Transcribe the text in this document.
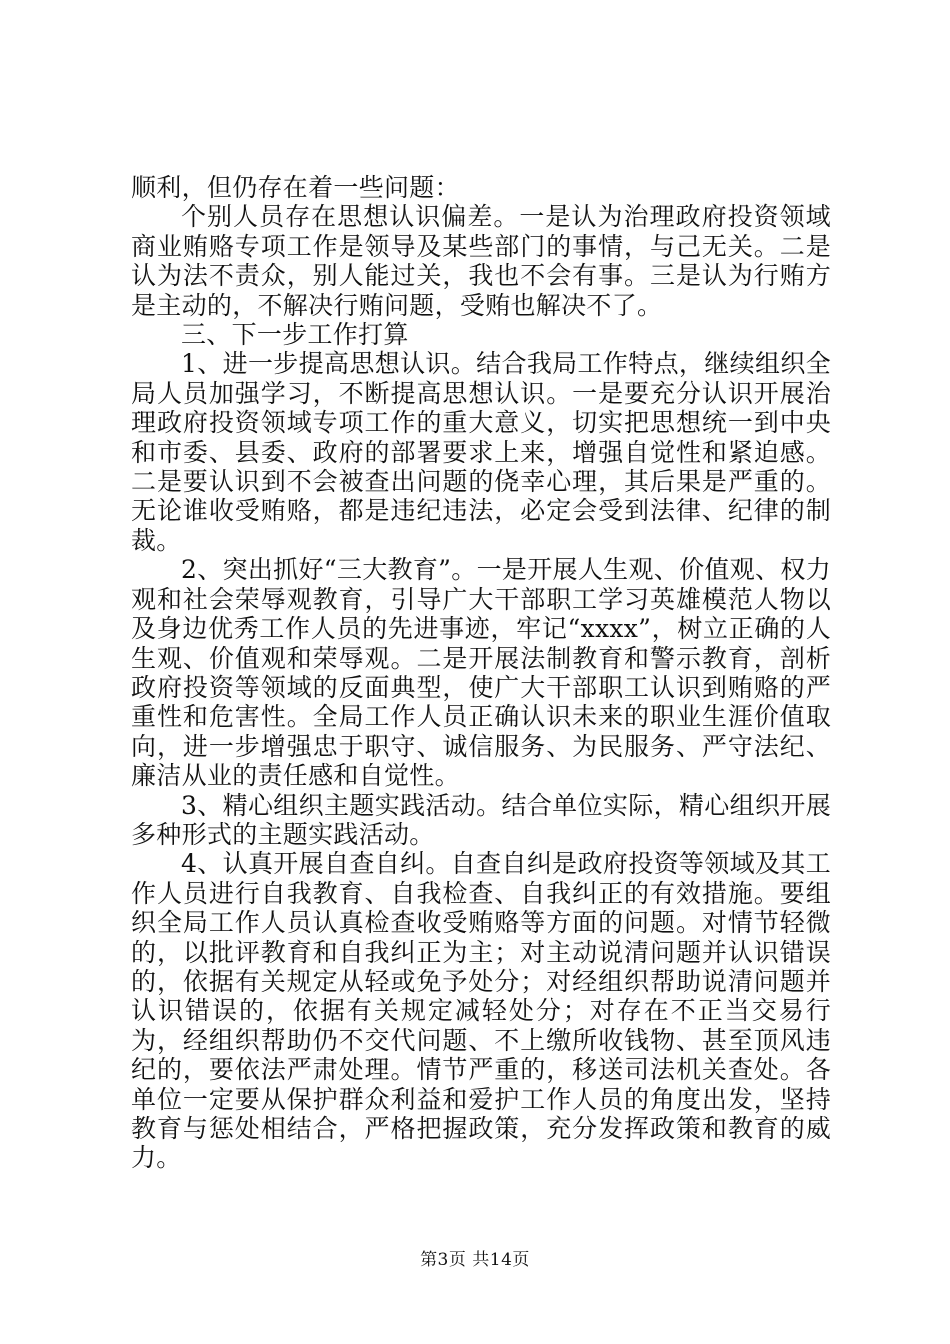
顺利，但仍存在着一些问题：

个别人员存在思想认识偏差。一是认为治理政府投资领域商业贿赂专项工作是领导及某些部门的事情，与己无关。二是认为法不责众，别人能过关，我也不会有事。三是认为行贿方是主动的，不解决行贿问题，受贿也解决不了。

三、下一步工作打算

1、进一步提高思想认识。结合我局工作特点，继续组织全局人员加强学习，不断提高思想认识。一是要充分认识开展治理政府投资领域专项工作的重大意义，切实把思想统一到中央和市委、县委、政府的部署要求上来，增强自觉性和紧迫感。二是要认识到不会被查出问题的侥幸心理，其后果是严重的。无论谁收受贿赂，都是违纪违法，必定会受到法律、纪律的制裁。

2、突出抓好“三大教育”。一是开展人生观、价值观、权力观和社会荣辱观教育，引导广大干部职工学习英雄模范人物以及身边优秀工作人员的先进事迹，牢记“xxxx”，树立正确的人生观、价值观和荣辱观。二是开展法制教育和警示教育，剖析政府投资等领域的反面典型，使广大干部职工认识到贿赂的严重性和危害性。全局工作人员正确认识未来的职业生涯价值取向，进一步增强忠于职守、诚信服务、为民服务、严守法纪、廉洁从业的责任感和自觉性。

3、精心组织主题实践活动。结合单位实际，精心组织开展多种形式的主题实践活动。

4、认真开展自查自纠。自查自纠是政府投资等领域及其工作人员进行自我教育、自我检查、自我纠正的有效措施。要组织全局工作人员认真检查收受贿赂等方面的问题。对情节轻微的，以批评教育和自我纠正为主；对主动说清问题并认识错误的，依据有关规定从轻或免予处分；对经组织帮助说清问题并认识错误的，依据有关规定减轻处分；对存在不正当交易行为，经组织帮助仍不交代问题、不上缴所收钱物、甚至顶风违纪的，要依法严肃处理。情节严重的，移送司法机关查处。各单位一定要从保护群众利益和爱护工作人员的角度出发，坚持教育与惩处相结合，严格把握政策，充分发挥政策和教育的威力。

第3页 共14页
